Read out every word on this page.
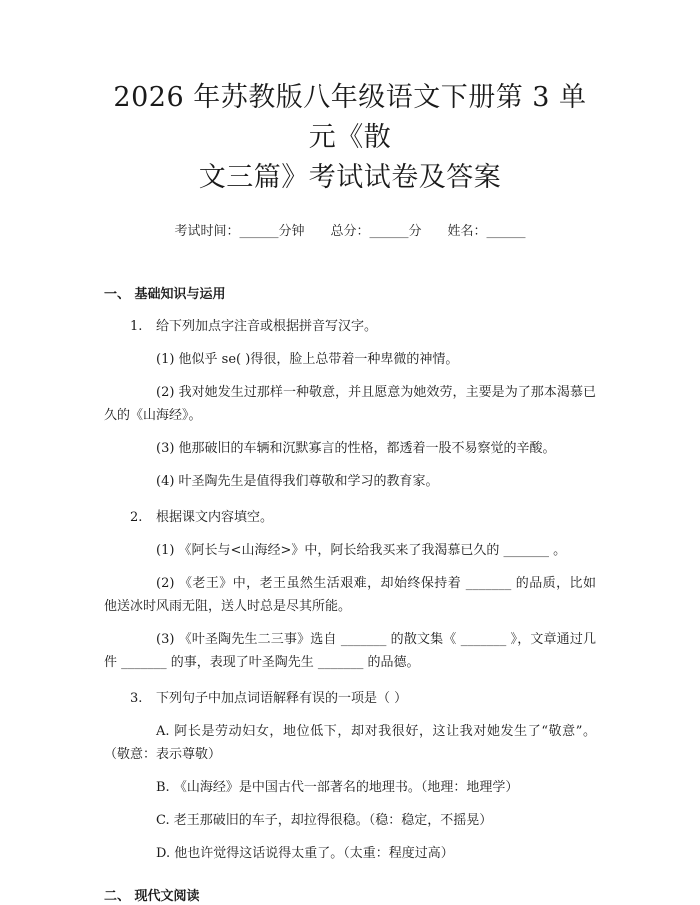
2026 年苏教版八年级语文下册第 3 单元《散
文三篇》考试试卷及答案
考试时间：______分钟 总分：______分 姓名：______
一、 基础知识与运用
1. 给下列加点字注音或根据拼音写汉字。
(1) 他似乎 se( )得很，脸上总带着一种卑微的神情。
(2) 我对她发生过那样一种敬意，并且愿意为她效劳，主要是为了那本渴慕已久的《山海经》。
(3) 他那破旧的车辆和沉默寡言的性格，都透着一股不易察觉的辛酸。
(4) 叶圣陶先生是值得我们尊敬和学习的教育家。
2. 根据课文内容填空。
(1) 《阿长与<山海经>》中，阿长给我买来了我渴慕已久的 _______ 。
(2) 《老王》中，老王虽然生活艰难，却始终保持着 _______ 的品质，比如他送冰时风雨无阻，送人时总是尽其所能。
(3) 《叶圣陶先生二三事》选自 _______ 的散文集《 _______ 》，文章通过几件 _______ 的事，表现了叶圣陶先生 _______ 的品德。
3. 下列句子中加点词语解释有误的一项是（ ）
A. 阿长是劳动妇女，地位低下，却对我很好，这让我对她发生了“敬意”。（敬意：表示尊敬）
B. 《山海经》是中国古代一部著名的地理书。（地理：地理学）
C. 老王那破旧的车子，却拉得很稳。（稳：稳定，不摇晃）
D. 他也许觉得这话说得太重了。（太重：程度过高）
二、 现代文阅读
